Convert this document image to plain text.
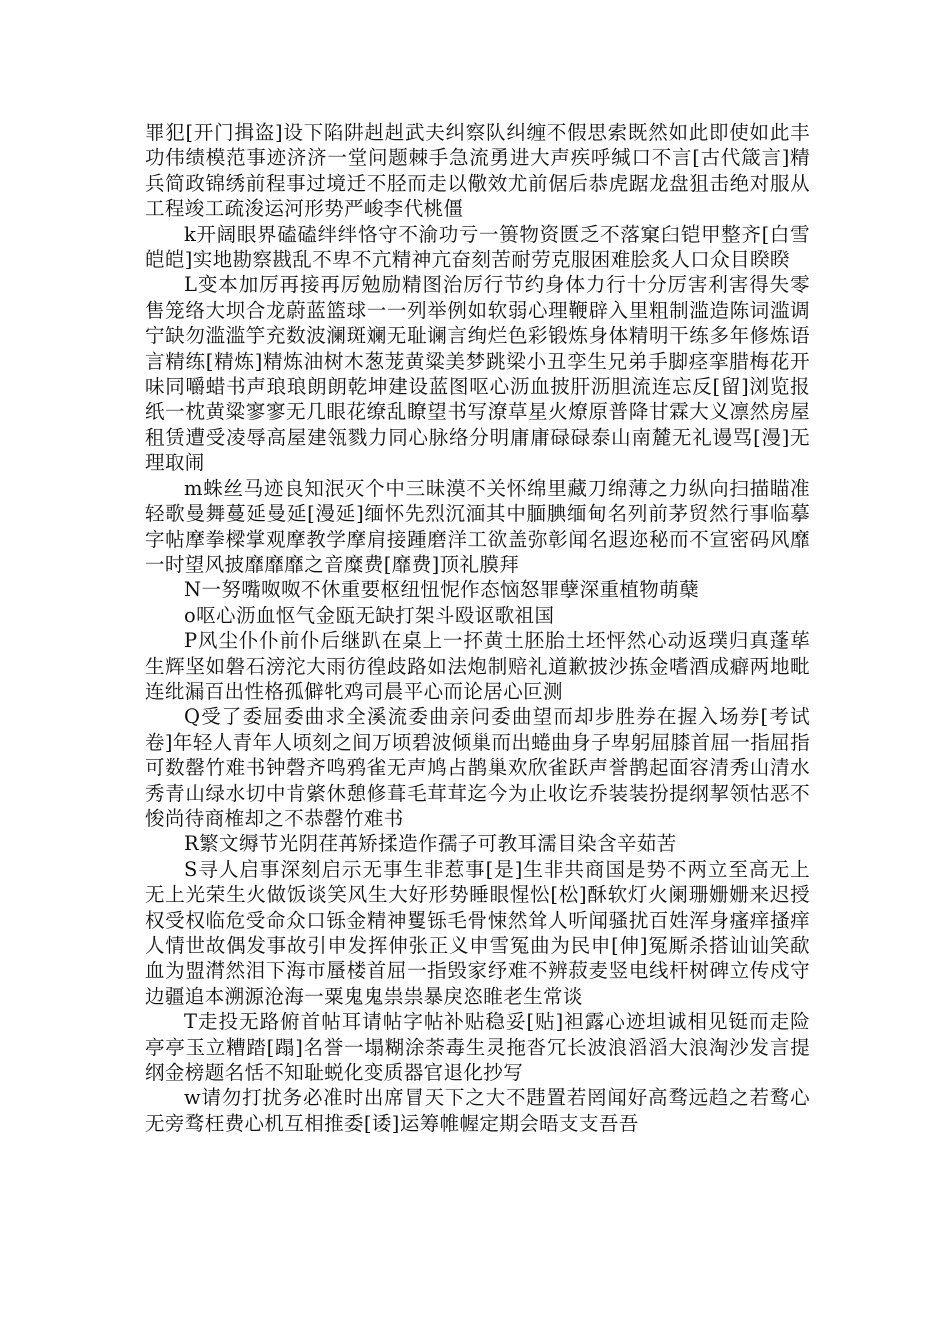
罪犯[开门揖盗]设下陷阱赳赳武夫纠察队纠缠不假思索既然如此即使如此丰功伟绩模范事迹济济一堂问题棘手急流勇进大声疾呼缄口不言[古代箴言]精兵简政锦绣前程事过境迁不胫而走以儆效尤前倨后恭虎踞龙盘狙击绝对服从工程竣工疏浚运河形势严峻李代桃僵

k开阔眼界磕磕绊绊恪守不渝功亏一篑物资匮乏不落窠臼铠甲整齐[白雪皑皑]实地勘察戡乱不卑不亢精神亢奋刻苦耐劳克服困难脍炙人口众目睽睽

L变本加厉再接再厉勉励精图治厉行节约身体力行十分厉害利害得失零售笼络大坝合龙蔚蓝篮球一一列举例如软弱心理鞭辟入里粗制滥造陈词滥调宁缺勿滥滥竽充数波澜斑斓无耻谰言绚烂色彩锻炼身体精明干练多年修炼语言精练[精炼]精炼油树木葱茏黄粱美梦跳梁小丑孪生兄弟手脚痉挛腊梅花开味同嚼蜡书声琅琅朗朗乾坤建设蓝图呕心沥血披肝沥胆流连忘反[留]浏览报纸一枕黄粱寥寥无几眼花缭乱瞭望书写潦草星火燎原普降甘霖大义凛然房屋租赁遭受凌辱高屋建瓴戮力同心脉络分明庸庸碌碌泰山南麓无礼谩骂[漫]无理取闹

m蛛丝马迹良知泯灭个中三昧漠不关怀绵里藏刀绵薄之力纵向扫描瞄准轻歌曼舞蔓延曼延[漫延]缅怀先烈沉湎其中腼腆缅甸名列前茅贸然行事临摹字帖摩拳樑掌观摩教学摩肩接踵磨洋工欲盖弥彰闻名遐迩秘而不宣密码风靡一时望风披靡靡靡之音糜费[靡费]顶礼膜拜

N一努嘴呶呶不休重要枢纽忸怩作态恼怒罪孽深重植物萌蘖

o呕心沥血怄气金瓯无缺打架斗殴讴歌祖国

P风尘仆仆前仆后继趴在桌上一抔黄土胚胎土坯怦然心动返璞归真蓬荜生辉坚如磐石滂沱大雨彷徨歧路如法炮制赔礼道歉披沙拣金嗜酒成癖两地毗连纰漏百出性格孤僻牝鸡司晨平心而论居心叵测

Q受了委屈委曲求全溪流委曲亲问委曲望而却步胜券在握入场券[考试卷]年轻人青年人顷刻之间万顷碧波倾巢而出蜷曲身子卑躬屈膝首屈一指屈指可数罄竹难书钟磬齐鸣鸦雀无声鸠占鹊巢欢欣雀跃声誉鹊起面容清秀山清水秀青山绿水切中肯綮休憩修葺毛茸茸迄今为止收讫乔装装扮提纲挈领怙恶不悛尚待商榷却之不恭罄竹难书

R繁文缛节光阴荏苒矫揉造作孺子可教耳濡目染含辛茹苦

S寻人启事深刻启示无事生非惹事[是]生非共商国是势不两立至高无上无上光荣生火做饭谈笑风生大好形势睡眼惺忪[松]酥软灯火阑珊姗姗来迟授权受权临危受命众口铄金精神矍铄毛骨悚然耸人听闻骚扰百姓浑身瘙痒搔痒人情世故偶发事故引申发挥伸张正义申雪冤曲为民申[伸]冤厮杀搭讪讪笑歃血为盟潸然泪下海市蜃楼首屈一指毁家纾难不辨菽麦竖电线杆树碑立传戍守边疆追本溯源沧海一粟鬼鬼祟祟暴戾恣睢老生常谈

T走投无路俯首帖耳请帖字帖补贴稳妥[贴]袒露心迹坦诚相见铤而走险亭亭玉立糟踏[蹋]名誉一塌糊涂荼毒生灵拖沓冗长波浪滔滔大浪淘沙发言提纲金榜题名恬不知耻蜕化变质器官退化抄写

w请勿打扰务必准时出席冒天下之大不韪置若罔闻好高骛远趋之若鹜心无旁骛枉费心机互相推委[诿]运筹帷幄定期会晤支支吾吾
